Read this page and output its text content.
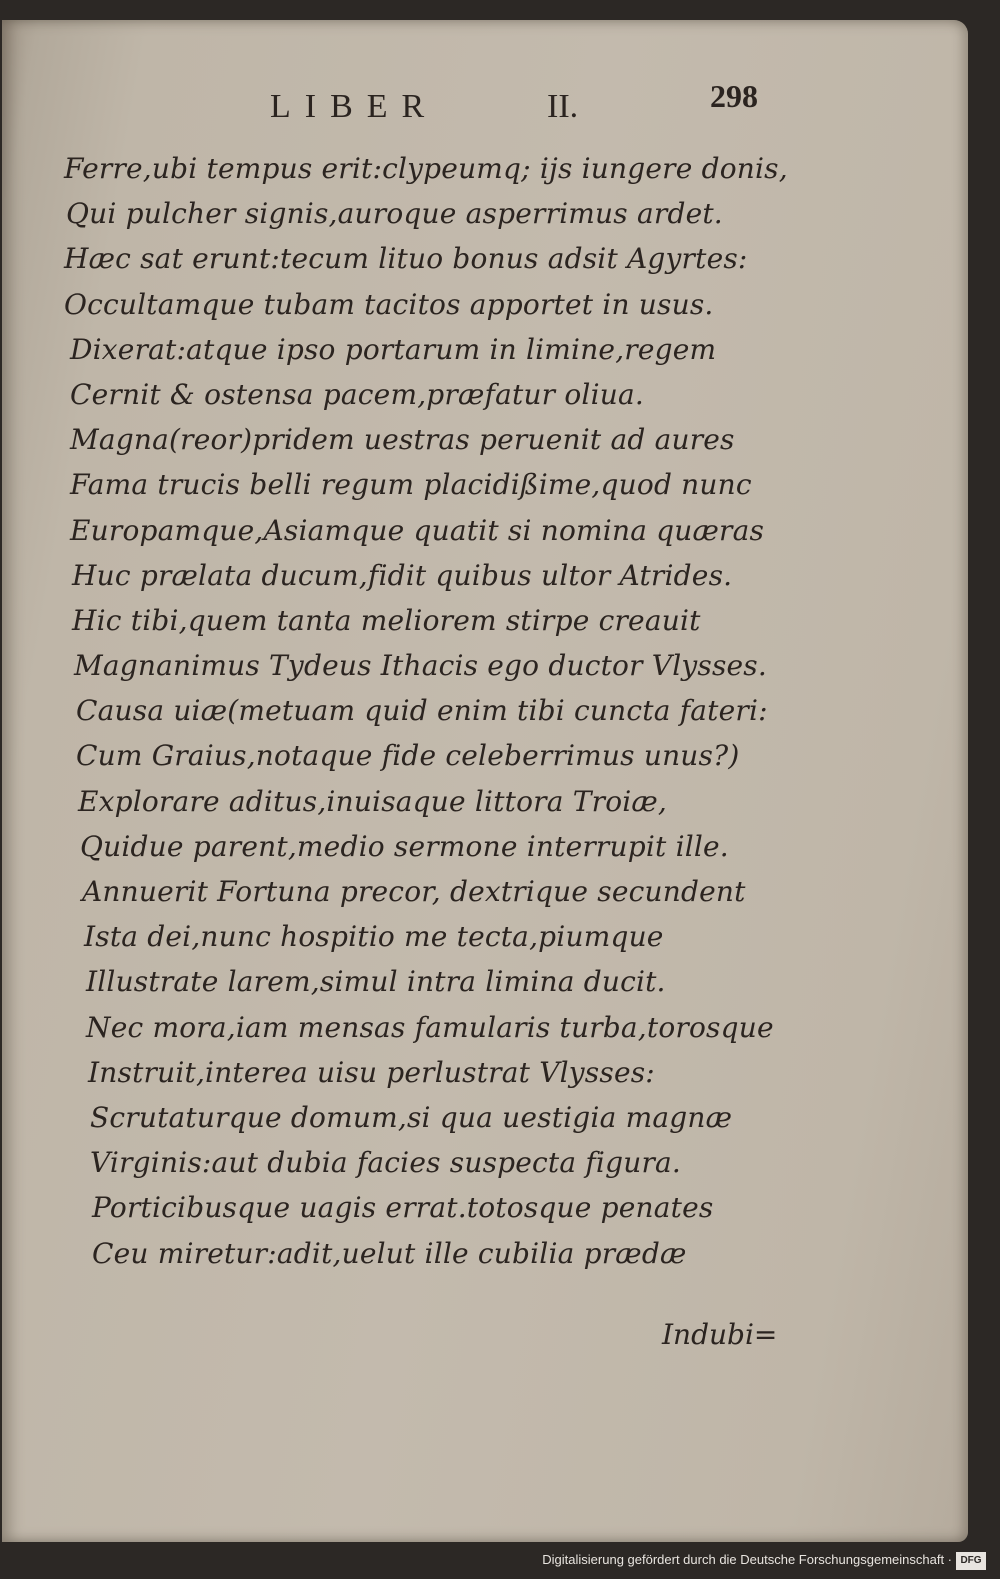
LIBER	II.	298
Ferre,ubi tempus erit:clypeumq; ijs iungere donis,
Qui pulcher signis,auroque asperrimus ardet.
Hæc sat erunt:tecum lituo bonus adsit Agyrtes:
Occultamque tubam tacitos apportet in usus.
Dixerat:atque ipso portarum in limine,regem
Cernit & ostensa pacem,præfatur oliua.
Magna(reor)pridem uestras peruenit ad aures
Fama trucis belli regum placidißime,quod nunc
Europamque,Asiamque quatit si nomina quæras
Huc prælata ducum,fidit quibus ultor Atrides.
Hic tibi,quem tanta meliorem stirpe creauit
Magnanimus Tydeus Ithacis ego ductor Vlysses.
Causa uiæ(metuam quid enim tibi cuncta fateri:
Cum Graius,notaque fide celeberrimus unus?)
Explorare aditus,inuisaque littora Troiæ,
Quidue parent,medio sermone interrupit ille.
Annuerit Fortuna precor, dextrique secundent
Ista dei,nunc hospitio me tecta,piumque
Illustrate larem,simul intra limina ducit.
Nec mora,iam mensas famularis turba,torosque
Instruit,interea uisu perlustrat Vlysses:
Scrutaturque domum,si qua uestigia magnæ
Virginis:aut dubia facies suspecta figura.
Porticibusque uagis errat.totosque penates
Ceu miretur:adit,uelut ille cubilia prædæ
Indubi=
Digitalisierung gefördert durch die Deutsche Forschungsgemeinschaft · DFG
